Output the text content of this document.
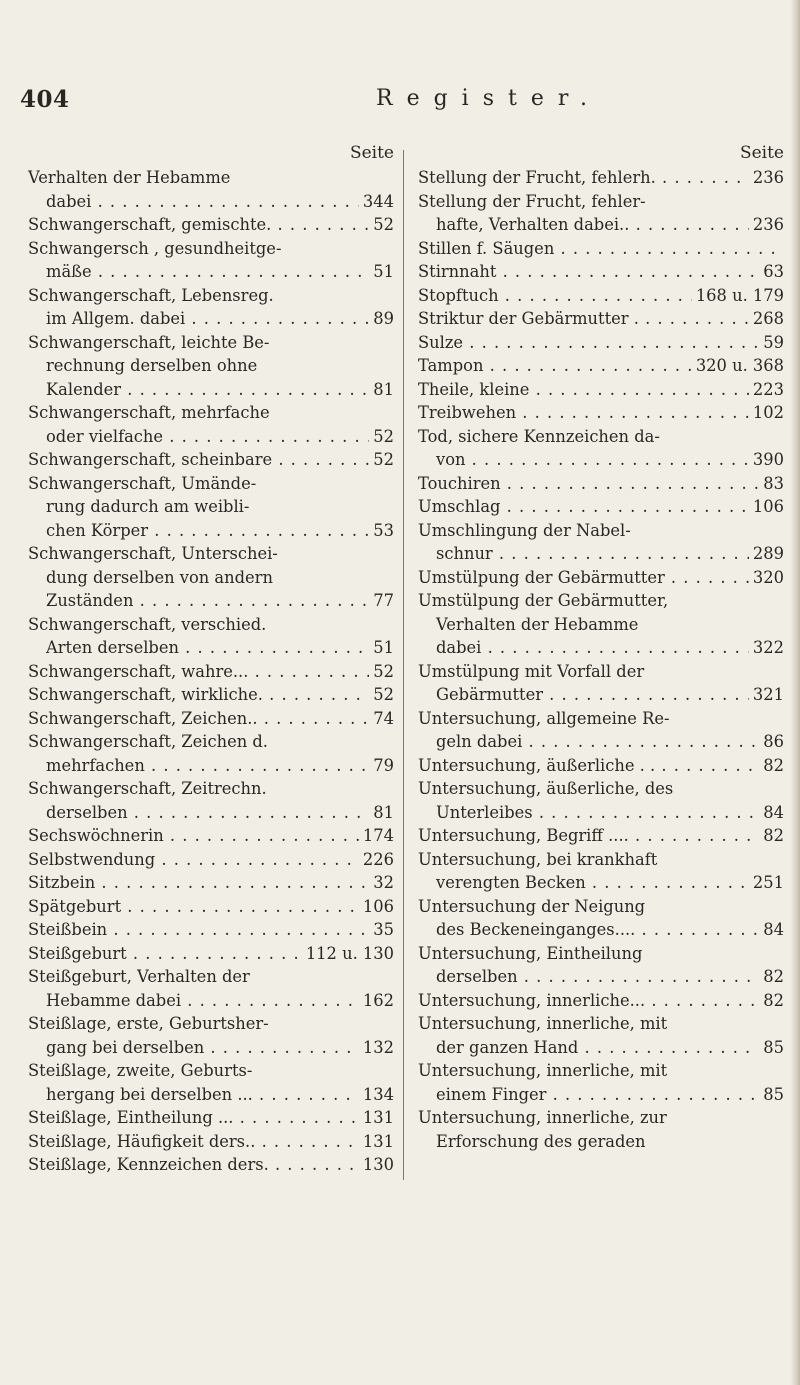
404	Register.
Seite
Verhalten der Hebamme
dabei . . .	344
Schwangerschaft, gemischte. . . .	52
Schwangersch , gesundheitge-
mäße . . .	51
Schwangerschaft, Lebensreg.
im Allgem. dabei . . .	89
Schwangerschaft, leichte Be-
rechnung derselben ohne
Kalender . . .	81
Schwangerschaft, mehrfache
oder vielfache . . .	52
Schwangerschaft, scheinbare . . .	52
Schwangerschaft, Umände-
rung dadurch am weibli-
chen Körper . . .	53
Schwangerschaft, Unterschei-
dung derselben von andern
Zuständen . . .	77
Schwangerschaft, verschied.
Arten derselben . . .	51
Schwangerschaft, wahre... . . .	52
Schwangerschaft, wirkliche. . . .	52
Schwangerschaft, Zeichen.. . . .	74
Schwangerschaft, Zeichen d.
mehrfachen . . .	79
Schwangerschaft, Zeitrechn.
derselben . . .	81
Sechswöchnerin . . .	174
Selbstwendung . . .	226
Sitzbein . . .	32
Spätgeburt . . .	106
Steißbein . . .	35
Steißgeburt . . .	112 u. 130
Steißgeburt, Verhalten der
Hebamme dabei . . .	162
Steißlage, erste, Geburtsher-
gang bei derselben . . .	132
Steißlage, zweite, Geburts-
hergang bei derselben ... . . .	134
Steißlage, Eintheilung ... . . .	131
Steißlage, Häufigkeit ders.. . . .	131
Steißlage, Kennzeichen ders. . . .	130
Seite
Stellung der Frucht, fehlerh. . . .	236
Stellung der Frucht, fehler-
hafte, Verhalten dabei.. . . .	236
Stillen f. Säugen . . .
Stirnnaht . . .	63
Stopftuch . . .	168 u. 179
Striktur der Gebärmutter . . . .	268
Sulze . . .	59
Tampon . . .	320 u. 368
Theile, kleine . . .	223
Treibwehen . . .	102
Tod, sichere Kennzeichen da-
von . . .	390
Touchiren . . .	83
Umschlag . . .	106
Umschlingung der Nabel-
schnur . . .	289
Umstülpung der Gebärmutter . . .	320
Umstülpung der Gebärmutter,
Verhalten der Hebamme
dabei . . .	322
Umstülpung mit Vorfall der
Gebärmutter . . .	321
Untersuchung, allgemeine Re-
geln dabei . . .	86
Untersuchung, äußerliche . . . . .	82
Untersuchung, äußerliche, des
Unterleibes . . .	84
Untersuchung, Begriff .... . . .	82
Untersuchung, bei krankhaft
verengten Becken . . .	251
Untersuchung der Neigung
des Beckeneinganges.... . . .	84
Untersuchung, Eintheilung
derselben . . .	82
Untersuchung, innerliche... . . .	82
Untersuchung, innerliche, mit
der ganzen Hand . . .	85
Untersuchung, innerliche, mit
einem Finger . . .	85
Untersuchung, innerliche, zur
Erforschung des geraden
